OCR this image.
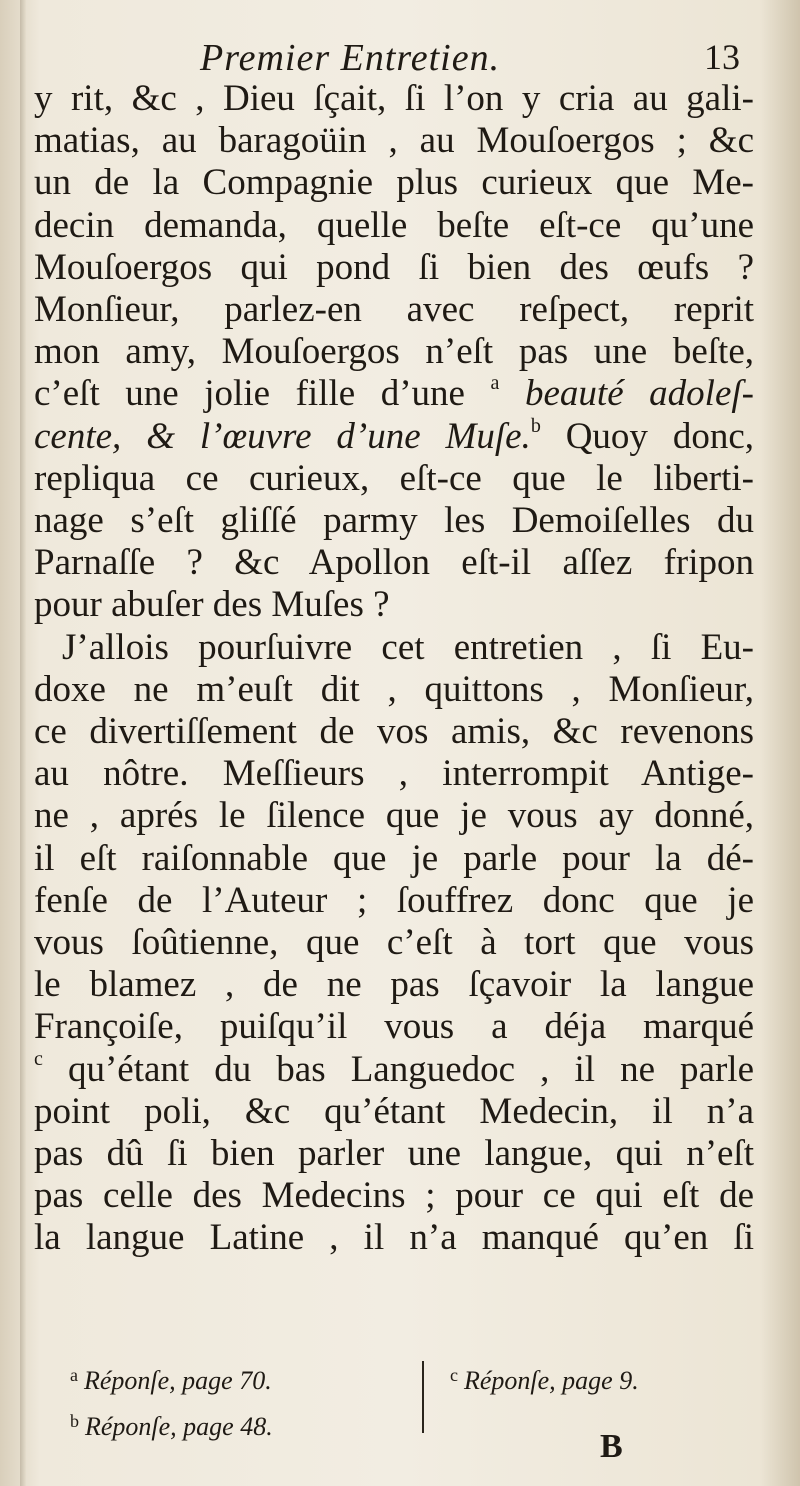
Premier Entretien.	13
y rit, &c , Dieu ſçait, ſi l’on y cria au gali-
matias, au baragoüin , au Mouſoergos ; &c
un de la Compagnie plus curieux que Me-
decin demanda, quelle beſte eſt-ce qu’une
Mouſoergos qui pond ſi bien des œufs ?
Monſieur, parlez-en avec reſpect, reprit
mon amy, Mouſoergos n’eſt pas une beſte,
c’eſt une jolie fille d’une $^a$ beauté adoleſ-
cente, & l’œuvre d’une Muſe.$^b$ Quoy donc,
repliqua ce curieux, eſt-ce que le liberti-
nage s’eſt gliſſé parmy les Demoiſelles du
Parnaſſe ? &c Apollon eſt-il aſſez fripon
pour abuſer des Muſes ?
J’allois pourſuivre cet entretien , ſi Eu-
doxe ne m’euſt dit , quittons , Monſieur,
ce divertiſſement de vos amis, &c revenons
au nôtre. Meſſieurs , interrompit Antige-
ne , aprés le ſilence que je vous ay donné,
il eſt raiſonnable que je parle pour la dé-
fenſe de l’Auteur ; ſouffrez donc que je
vous ſoûtienne, que c’eſt à tort que vous
le blamez , de ne pas ſçavoir la langue
Françoiſe, puiſqu’il vous a déja marqué
$^c$ qu’étant du bas Languedoc , il ne parle
point poli, &c qu’étant Medecin, il n’a
pas dû ſi bien parler une langue, qui n’eſt
pas celle des Medecins ; pour ce qui eſt de
la langue Latine , il n’a manqué qu’en ſi
$^a$ Réponſe, page 70.
$^b$ Réponſe, page 48.
$^c$ Réponſe, page 9.
B
